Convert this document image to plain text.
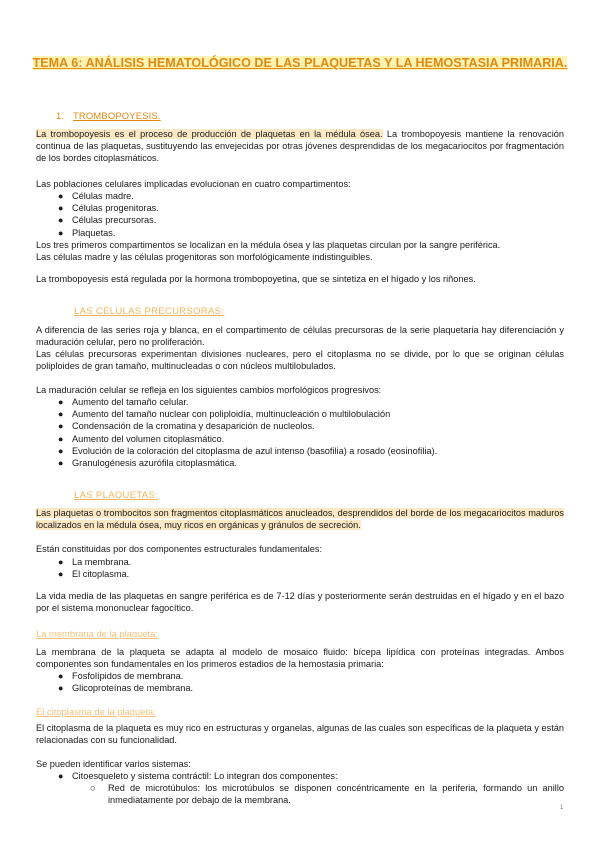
TEMA 6: ANÁLISIS HEMATOLÓGICO DE LAS PLAQUETAS Y LA HEMOSTASIA PRIMARIA.
1. TROMBOPOYESIS.

La trombopoyesis es el proceso de producción de plaquetas en la médula ósea. La trombopoyesis mantiene la renovación continua de las plaquetas, sustituyendo las envejecidas por otras jóvenes desprendidas de los megacariocitos por fragmentación de los bordes citoplasmáticos.

Las poblaciones celulares implicadas evolucionan en cuatro compartimentos:

● Células madre.
● Células progenitoras.
● Células precursoras.
● Plaquetas.

Los tres primeros compartimentos se localizan en la médula ósea y las plaquetas circulan por la sangre periférica.

Las células madre y las células progenitoras son morfológicamente indistinguibles.

La trombopoyesis está regulada por la hormona trombopoyetina, que se sintetiza en el hígado y los riñones.

LAS CÉLULAS PRECURSORAS:

A diferencia de las series roja y blanca, en el compartimento de células precursoras de la serie plaquetaria hay diferenciación y maduración celular, pero no proliferación.

Las células precursoras experimentan divisiones nucleares, pero el citoplasma no se divide, por lo que se originan células poliploides de gran tamaño, multinucleadas o con núcleos multilobulados.

La maduración celular se refleja en los siguientes cambios morfológicos progresivos:

● Aumento del tamaño celular.
● Aumento del tamaño nuclear con poliploidía, multinucleación o multilobulación
● Condensación de la cromatina y desaparición de nucleolos.
● Aumento del volumen citoplasmático.
● Evolución de la coloración del citoplasma de azul intenso (basofilia) a rosado (eosinofilia).
● Granulogénesis azurófila citoplasmática.
LAS PLAQUETAS:

Las plaquetas o trombocitos son fragmentos citoplasmáticos anucleados, desprendidos del borde de los megacariocitos maduros localizados en la médula ósea, muy ricos en orgánicas y gránulos de secreción.

Están constituidas por dos componentes estructurales fundamentales:

● La membrana.
● El citoplasma.

La vida media de las plaquetas en sangre periférica es de 7-12 días y posteriormente serán destruidas en el hígado y en el bazo por el sistema mononuclear fagocítico.

La membrana de la plaqueta:

La membrana de la plaqueta se adapta al modelo de mosaico fluido: bícepa lipídica con proteínas integradas. Ambos componentes son fundamentales en los primeros estadios de la hemostasia primaria:

● Fosfolípidos de membrana.
● Glicoproteínas de membrana.
El citoplasma de la plaqueta:

El citoplasma de la plaqueta es muy rico en estructuras y organelas, algunas de las cuales son específicas de la plaqueta y están relacionadas con su funcionalidad.

Se pueden identificar varios sistemas:

● Citoesqueleto y sistema contráctil: Lo integran dos componentes:
○ Red de microtúbulos: los microtúbulos se disponen concéntricamente en la periferia, formando un anillo inmediatamente por debajo de la membrana.
1
